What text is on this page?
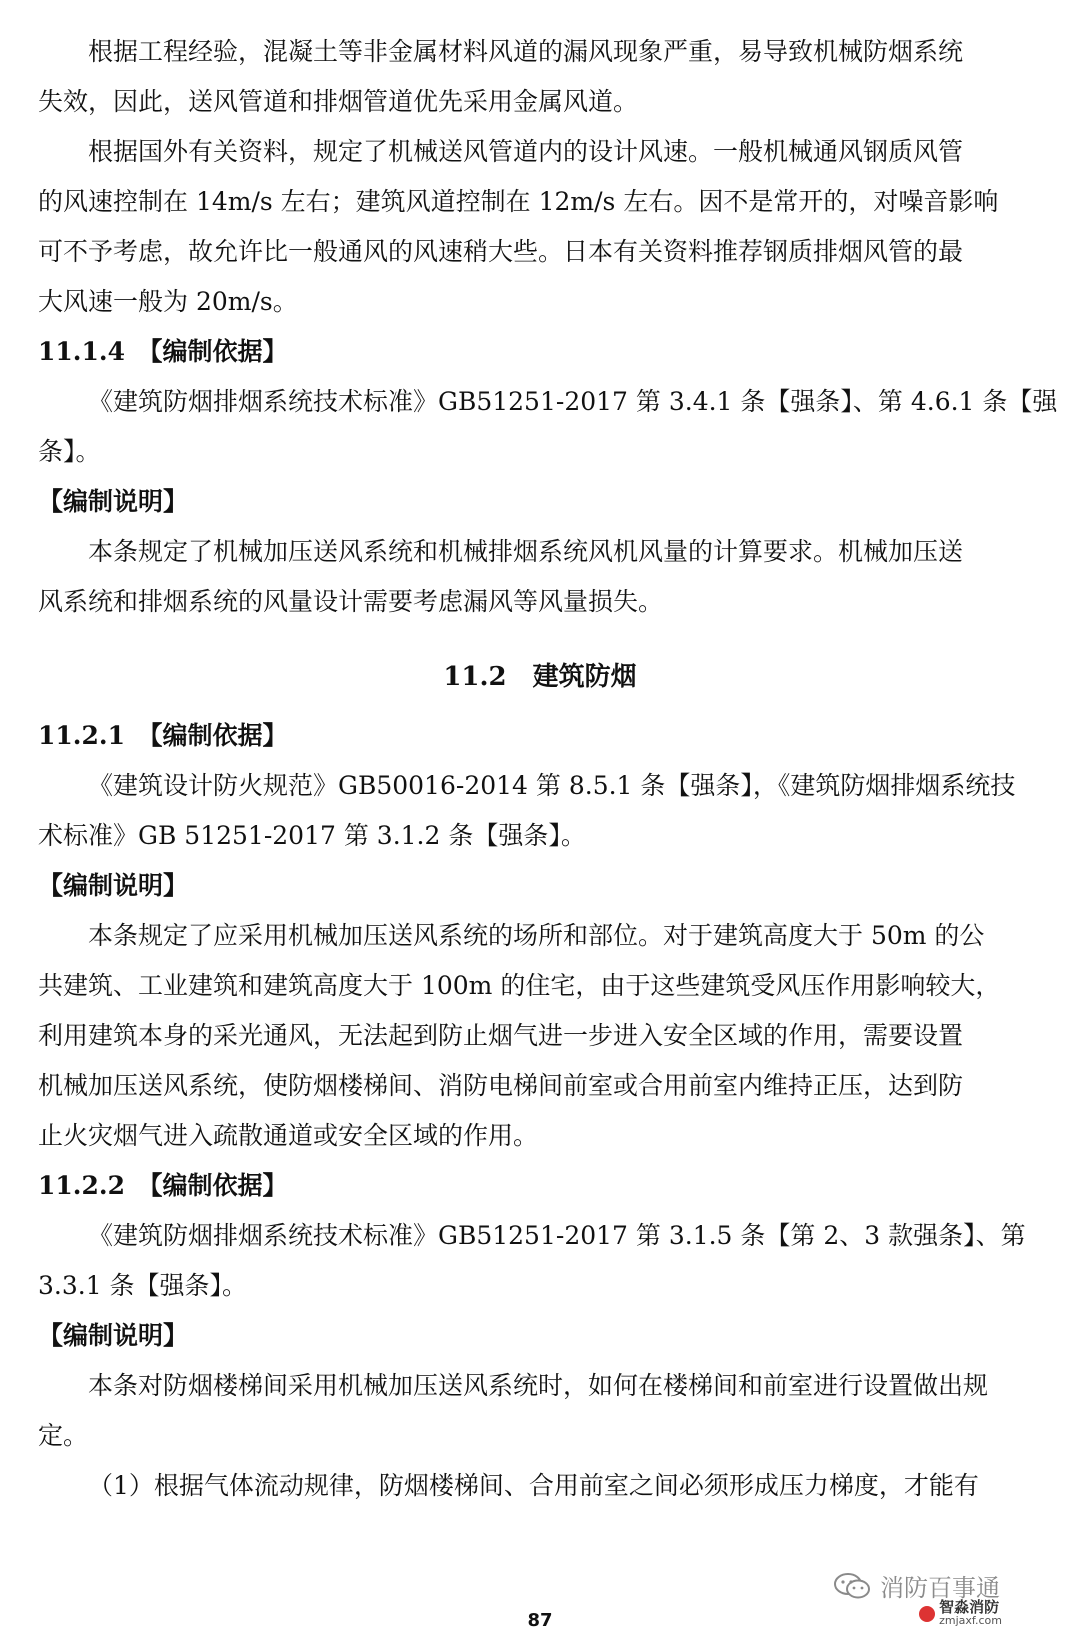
根据工程经验，混凝土等非金属材料风道的漏风现象严重，易导致机械防烟系统
失效，因此，送风管道和排烟管道优先采用金属风道。
根据国外有关资料，规定了机械送风管道内的设计风速。一般机械通风钢质风管
的风速控制在 14m/s 左右；建筑风道控制在 12m/s 左右。因不是常开的，对噪音影响
可不予考虑，故允许比一般通风的风速稍大些。日本有关资料推荐钢质排烟风管的最
大风速一般为 20m/s。
11.1.4　【编制依据】
《建筑防烟排烟系统技术标准》GB51251-2017 第 3.4.1 条【强条】、第 4.6.1 条【强
条】。
【编制说明】
本条规定了机械加压送风系统和机械排烟系统风机风量的计算要求。机械加压送
风系统和排烟系统的风量设计需要考虑漏风等风量损失。
11.2　建筑防烟
11.2.1　【编制依据】
《建筑设计防火规范》GB50016-2014 第 8.5.1 条【强条】，《建筑防烟排烟系统技
术标准》GB 51251-2017 第 3.1.2 条【强条】。
【编制说明】
本条规定了应采用机械加压送风系统的场所和部位。对于建筑高度大于 50m 的公
共建筑、工业建筑和建筑高度大于 100m 的住宅，由于这些建筑受风压作用影响较大，
利用建筑本身的采光通风，无法起到防止烟气进一步进入安全区域的作用，需要设置
机械加压送风系统，使防烟楼梯间、消防电梯间前室或合用前室内维持正压，达到防
止火灾烟气进入疏散通道或安全区域的作用。
11.2.2　【编制依据】
《建筑防烟排烟系统技术标准》GB51251-2017 第 3.1.5 条【第 2、3 款强条】、第
3.3.1 条【强条】。
【编制说明】
本条对防烟楼梯间采用机械加压送风系统时，如何在楼梯间和前室进行设置做出规
定。
（1）根据气体流动规律，防烟楼梯间、合用前室之间必须形成压力梯度，才能有
消防百事通
智淼消防
zmjaxf.com
87
